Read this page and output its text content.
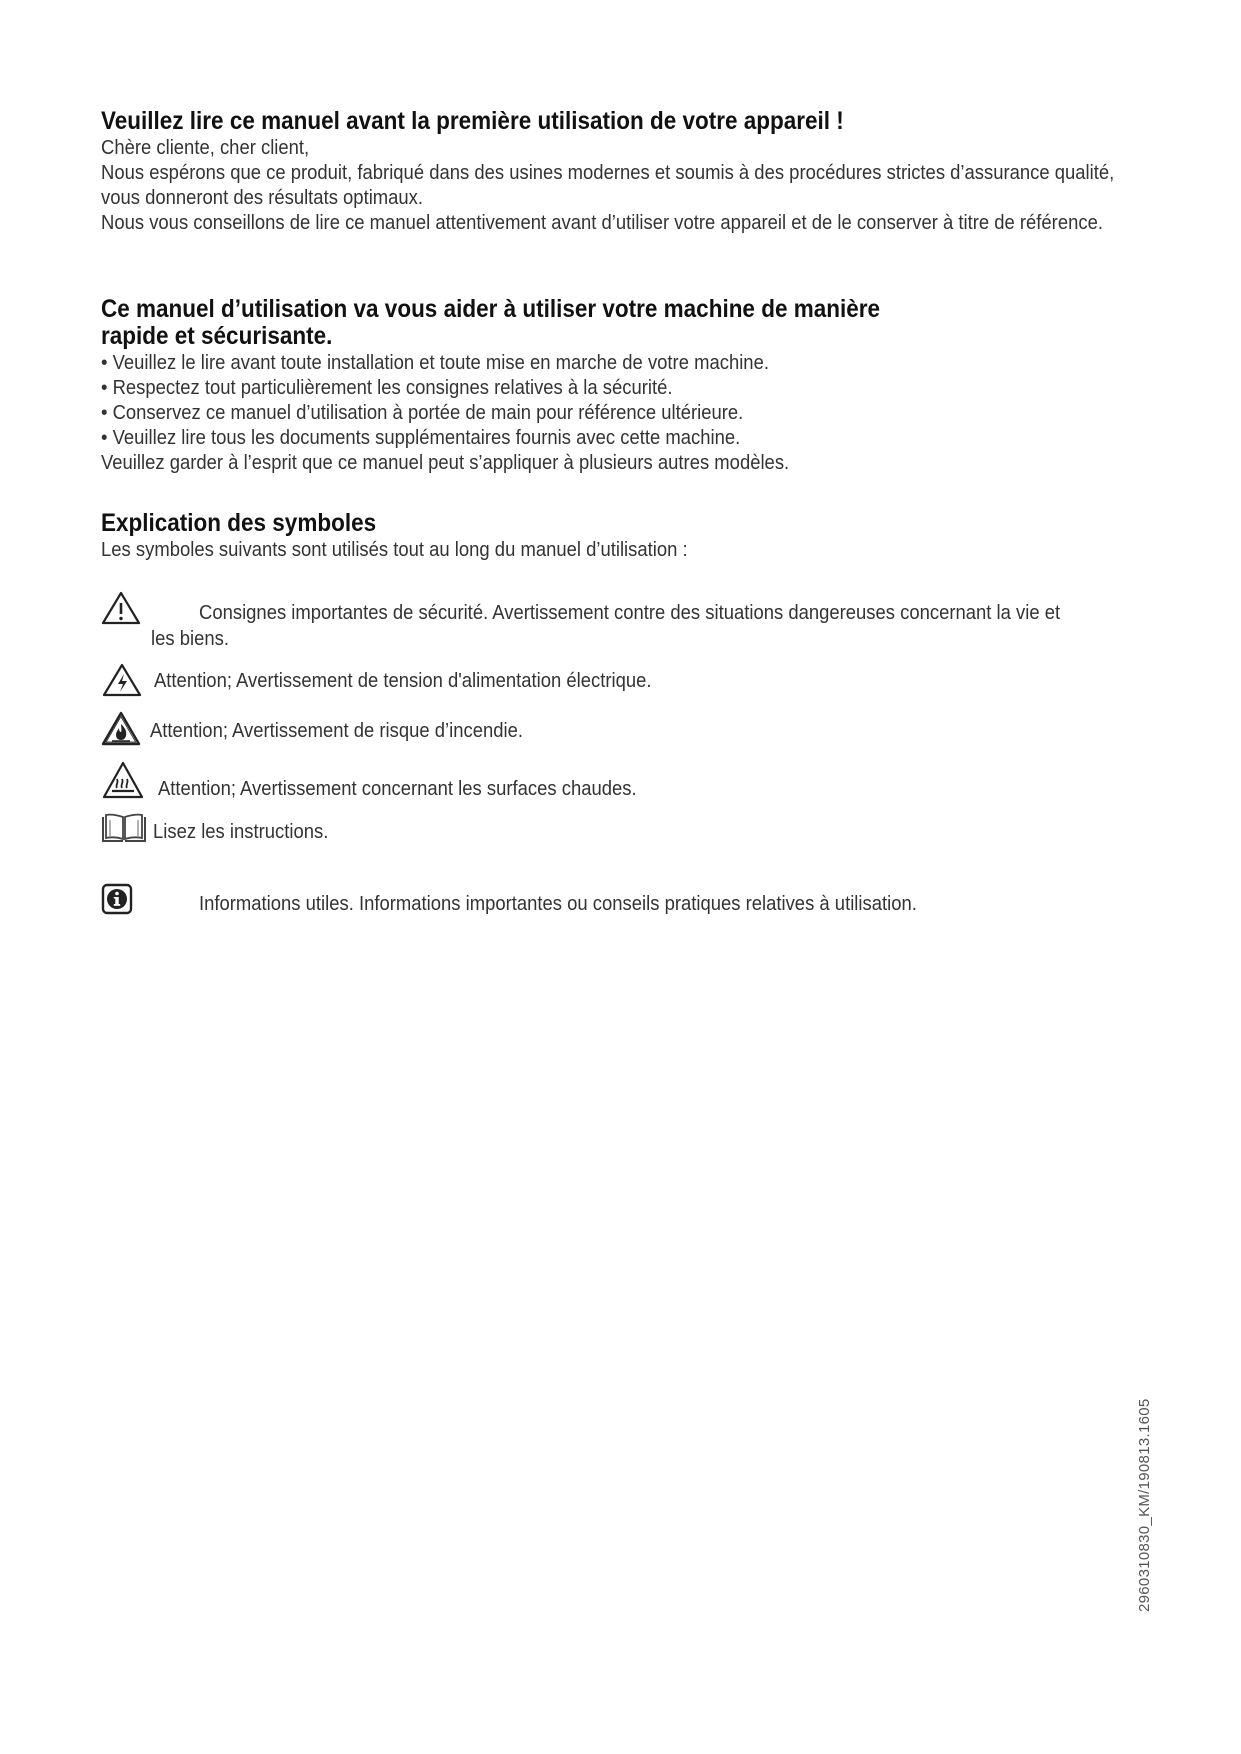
Veuillez lire ce manuel avant la première utilisation de votre appareil !

Chère cliente, cher client,

Nous espérons que ce produit, fabriqué dans des usines modernes et soumis à des procédures strictes d’assurance qualité, vous donneront des résultats optimaux.

Nous vous conseillons de lire ce manuel attentivement avant d’utiliser votre appareil et de le conserver à titre de référence.

Ce manuel d’utilisation va vous aider à utiliser votre machine de manière rapide et sécurisante.
• Veuillez le lire avant toute installation et toute mise en marche de votre machine.
• Respectez tout particulièrement les consignes relatives à la sécurité.
• Conservez ce manuel d’utilisation à portée de main pour référence ultérieure.
• Veuillez lire tous les documents supplémentaires fournis avec cette machine.

Veuillez garder à l’esprit que ce manuel peut s’appliquer à plusieurs autres modèles.

Explication des symboles
Les symboles suivants sont utilisés tout au long du manuel d’utilisation :
Consignes importantes de sécurité. Avertissement contre des situations dangereuses concernant la vie et
les biens.
Attention; Avertissement de tension d'alimentation électrique.
Attention; Avertissement de risque d’incendie.
Attention; Avertissement concernant les surfaces chaudes.
Lisez les instructions.
Informations utiles. Informations importantes ou conseils pratiques relatives à utilisation.
2960310830_KM/190813.1605
